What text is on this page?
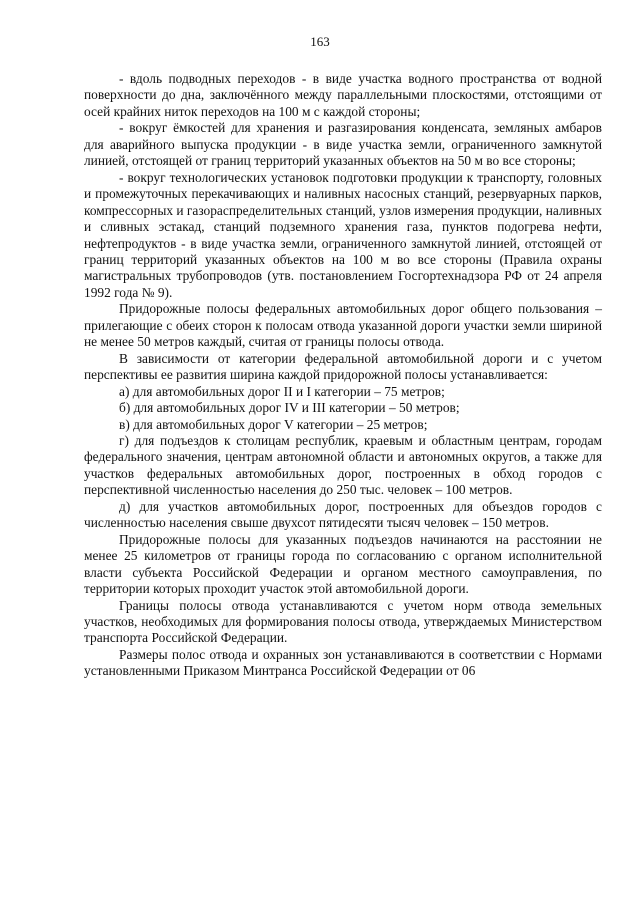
163

- вдоль подводных переходов - в виде участка водного пространства от водной поверхности до дна, заключённого между параллельными плоскостями, отстоящими от осей крайних ниток переходов на 100 м с каждой стороны;

- вокруг ёмкостей для хранения и разгазирования конденсата, земляных амбаров для аварийного выпуска продукции - в виде участка земли, ограниченного замкнутой линией, отстоящей от границ территорий указанных объектов на 50 м во все стороны;

- вокруг технологических установок подготовки продукции к транспорту, головных и промежуточных перекачивающих и наливных насосных станций, резервуарных парков, компрессорных и газораспределительных станций, узлов измерения продукции, наливных и сливных эстакад, станций подземного хранения газа, пунктов подогрева нефти, нефтепродуктов - в виде участка земли, ограниченного замкнутой линией, отстоящей от границ территорий указанных объектов на 100 м во все стороны (Правила охраны магистральных трубопроводов (утв. постановлением Госгортехнадзора РФ от 24 апреля 1992 года № 9).

Придорожные полосы федеральных автомобильных дорог общего пользования – прилегающие с обеих сторон к полосам отвода указанной дороги участки земли шириной не менее 50 метров каждый, считая от границы полосы отвода.

В зависимости от категории федеральной автомобильной дороги и с учетом перспективы ее развития ширина каждой придорожной полосы устанавливается:

а) для автомобильных дорог II и I категории – 75 метров;

б) для автомобильных дорог IV и III категории – 50 метров;

в) для автомобильных дорог V категории – 25 метров;

г) для подъездов к столицам республик, краевым и областным центрам, городам федерального значения, центрам автономной области и автономных округов, а также для участков федеральных автомобильных дорог, построенных в обход городов с перспективной численностью населения до 250 тыс. человек – 100 метров.

д) для участков автомобильных дорог, построенных для объездов городов с численностью населения свыше двухсот пятидесяти тысяч человек – 150 метров.

Придорожные полосы для указанных подъездов начинаются на расстоянии не менее 25 километров от границы города по согласованию с органом исполнительной власти субъекта Российской Федерации и органом местного самоуправления, по территории которых проходит участок этой автомобильной дороги.

Границы полосы отвода устанавливаются с учетом норм отвода земельных участков, необходимых для формирования полосы отвода, утверждаемых Министерством транспорта Российской Федерации.

Размеры полос отвода и охранных зон устанавливаются в соответствии с Нормами установленными Приказом Минтранса Российской Федерации от 06
